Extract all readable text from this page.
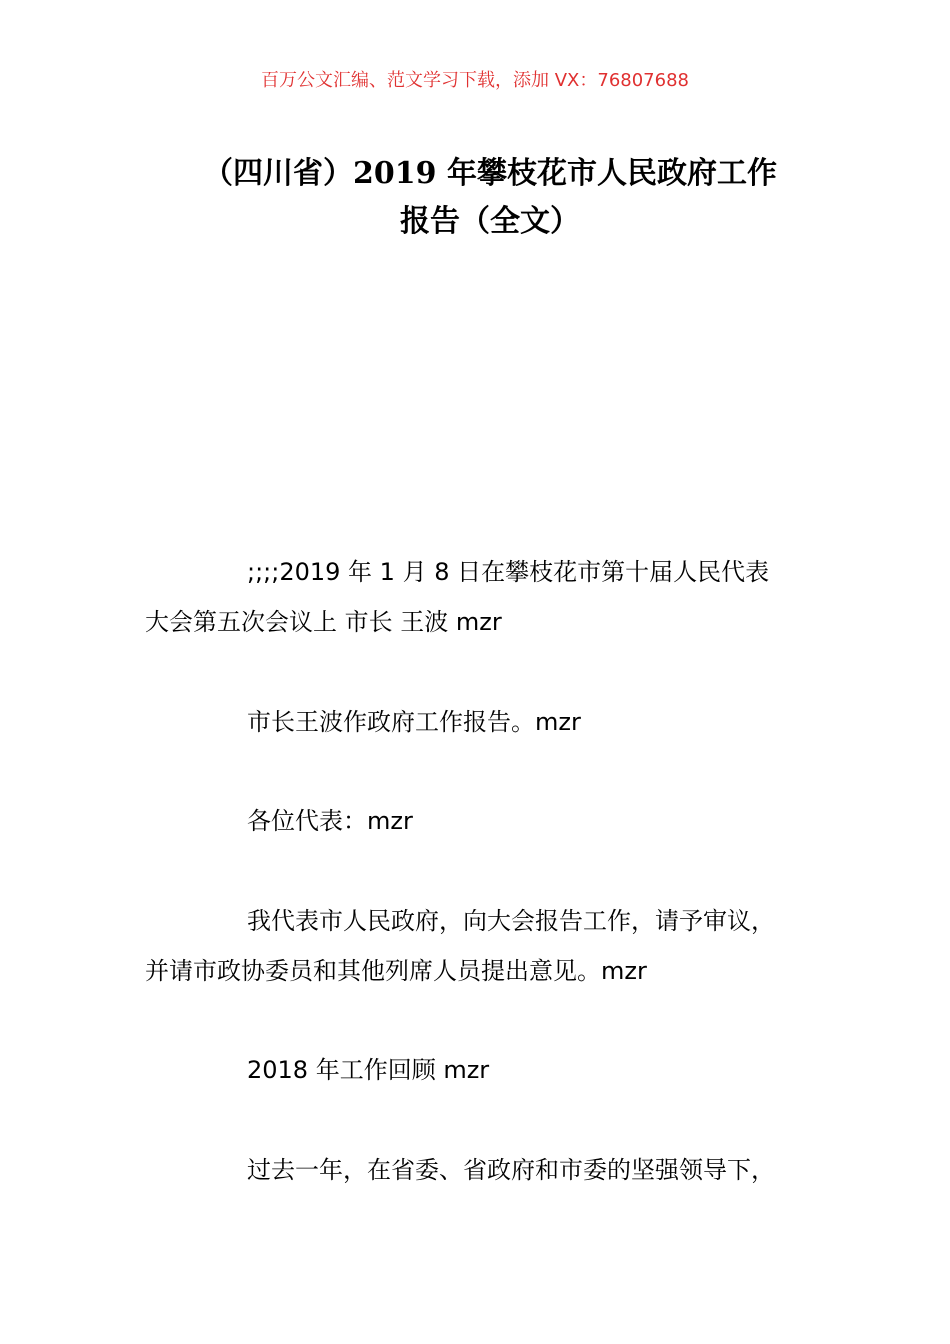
百万公文汇编、范文学习下载，添加 VX：76807688
（四川省）2019 年攀枝花市人民政府工作
报告（全文）
;;;;2019 年 1 月 8 日在攀枝花市第十届人民代表
大会第五次会议上 市长 王波 mzr
市长王波作政府工作报告。mzr
各位代表：mzr
我代表市人民政府，向大会报告工作，请予审议，
并请市政协委员和其他列席人员提出意见。mzr
2018 年工作回顾 mzr
过去一年，在省委、省政府和市委的坚强领导下，
